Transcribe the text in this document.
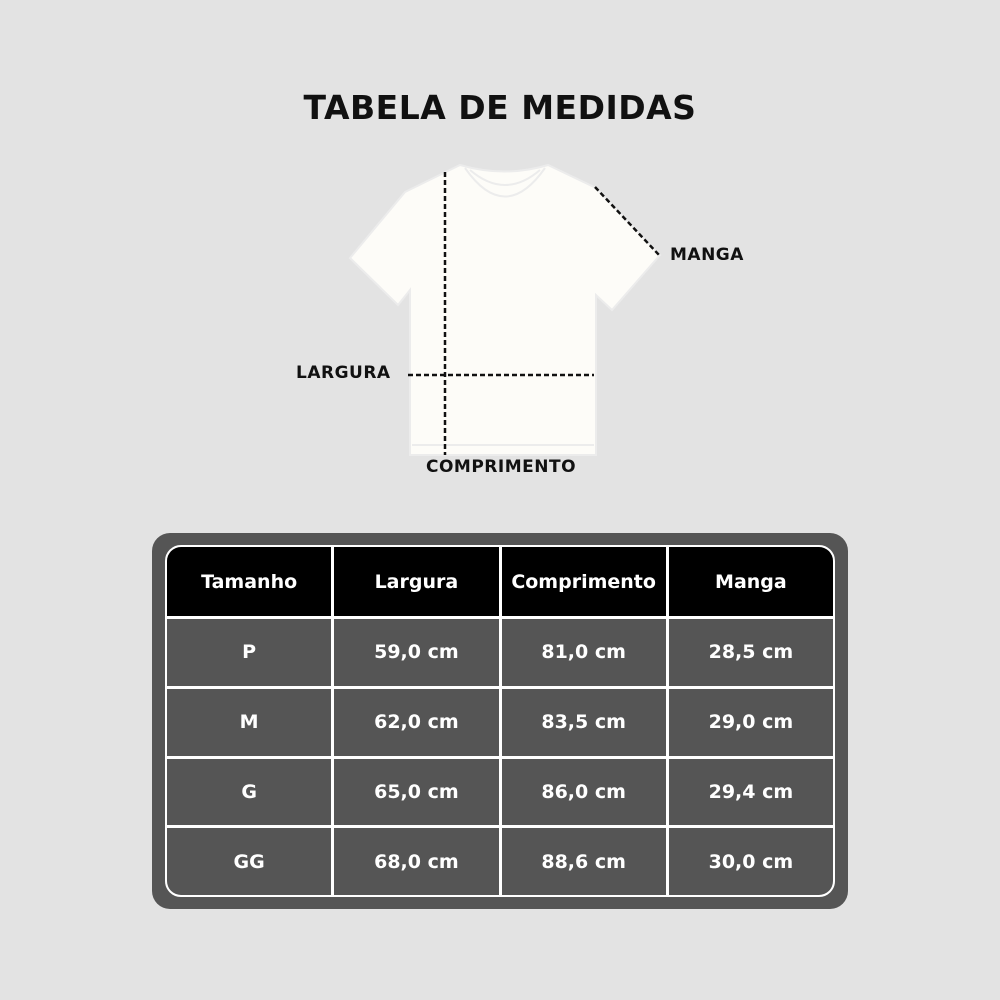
TABELA DE MEDIDAS
MANGA
LARGURA
COMPRIMENTO
Tamanho	Largura	Comprimento	Manga
P	59,0 cm	81,0 cm	28,5 cm
M	62,0 cm	83,5 cm	29,0 cm
G	65,0 cm	86,0 cm	29,4 cm
GG	68,0 cm	88,6 cm	30,0 cm
